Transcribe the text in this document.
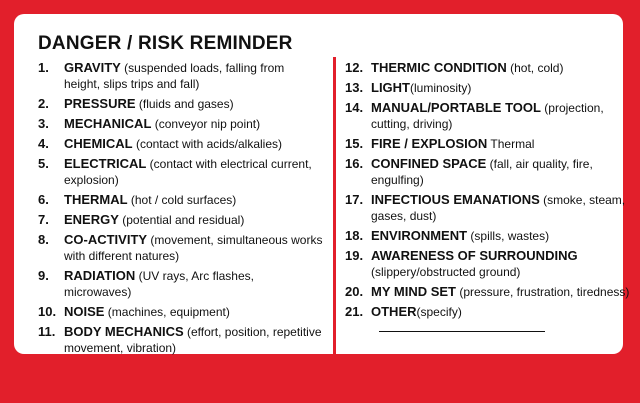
DANGER / RISK REMINDER
1. GRAVITY (suspended loads, falling from height, slips trips and fall)
2. PRESSURE (fluids and gases)
3. MECHANICAL (conveyor nip point)
4. CHEMICAL (contact with acids/alkalies)
5. ELECTRICAL (contact with electrical current, explosion)
6. THERMAL (hot / cold surfaces)
7. ENERGY (potential and residual)
8. CO-ACTIVITY (movement, simultaneous works with different natures)
9. RADIATION (UV rays, Arc flashes, microwaves)
10. NOISE (machines, equipment)
11. BODY MECHANICS (effort, position, repetitive movement, vibration)
12. THERMIC CONDITION (hot, cold)
13. LIGHT(luminosity)
14. MANUAL/PORTABLE TOOL (projection, cutting, driving)
15. FIRE / EXPLOSION Thermal
16. CONFINED SPACE (fall, air quality, fire, engulfing)
17. INFECTIOUS EMANATIONS (smoke, steam, gases, dust)
18. ENVIRONMENT (spills, wastes)
19. AWARENESS OF SURROUNDING (slippery/obstructed ground)
20. MY MIND SET (pressure, frustration, tiredness)
21. OTHER(specify)
